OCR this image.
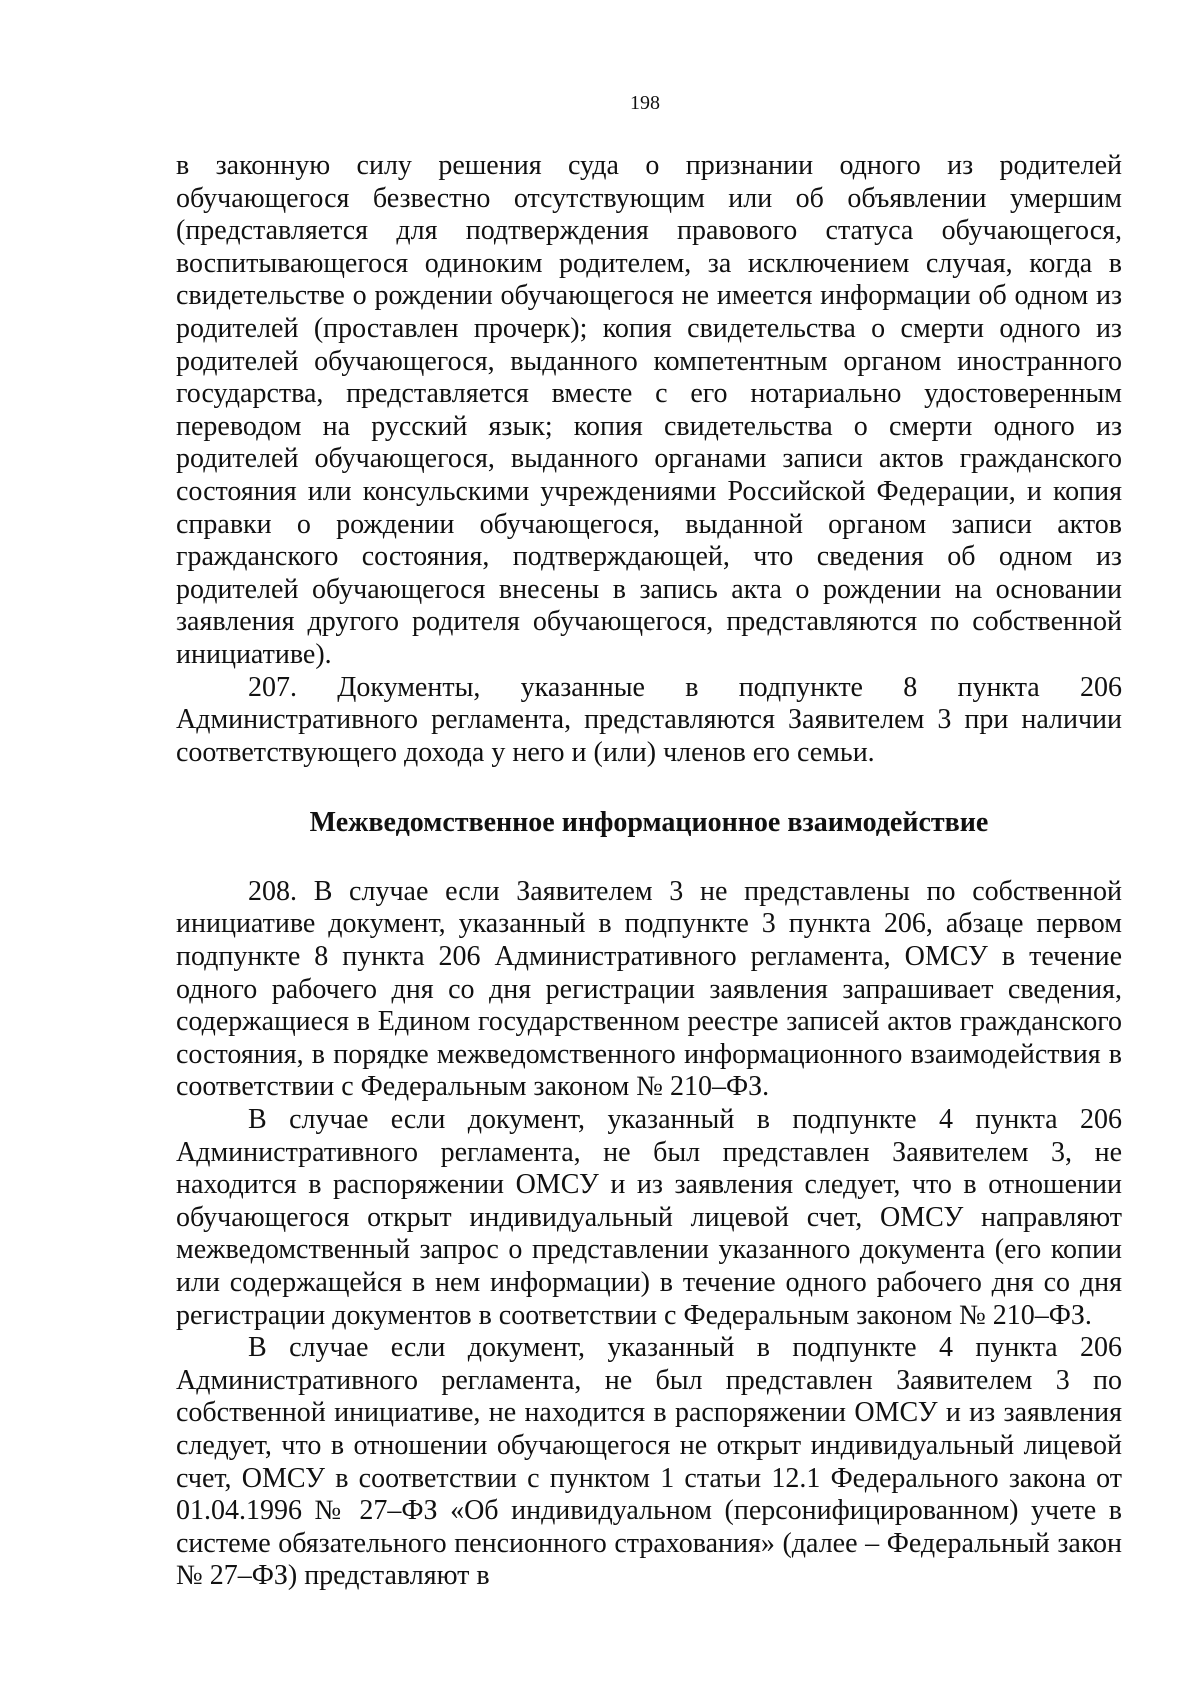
198

в законную силу решения суда о признании одного из родителей обучающегося безвестно отсутствующим или об объявлении умершим (представляется для подтверждения правового статуса обучающегося, воспитывающегося одиноким родителем, за исключением случая, когда в свидетельстве о рождении обучающегося не имеется информации об одном из родителей (проставлен прочерк); копия свидетельства о смерти одного из родителей обучающегося, выданного компетентным органом иностранного государства, представляется вместе с его нотариально удостоверенным переводом на русский язык; копия свидетельства о смерти одного из родителей обучающегося, выданного органами записи актов гражданского состояния или консульскими учреждениями Российской Федерации, и копия справки о рождении обучающегося, выданной органом записи актов гражданского состояния, подтверждающей, что сведения об одном из родителей обучающегося внесены в запись акта о рождении на основании заявления другого родителя обучающегося, представляются по собственной инициативе).

207. Документы, указанные в подпункте 8 пункта 206 Административного регламента, представляются Заявителем 3 при наличии соответствующего дохода у него и (или) членов его семьи.

Межведомственное информационное взаимодействие

208. В случае если Заявителем 3 не представлены по собственной инициативе документ, указанный в подпункте 3 пункта 206, абзаце первом подпункте 8 пункта 206 Административного регламента, ОМСУ в течение одного рабочего дня со дня регистрации заявления запрашивает сведения, содержащиеся в Едином государственном реестре записей актов гражданского состояния, в порядке межведомственного информационного взаимодействия в соответствии с Федеральным законом № 210–ФЗ.

В случае если документ, указанный в подпункте 4 пункта 206 Административного регламента, не был представлен Заявителем 3, не находится в распоряжении ОМСУ и из заявления следует, что в отношении обучающегося открыт индивидуальный лицевой счет, ОМСУ направляют межведомственный запрос о представлении указанного документа (его копии или содержащейся в нем информации) в течение одного рабочего дня со дня регистрации документов в соответствии с Федеральным законом № 210–ФЗ.

В случае если документ, указанный в подпункте 4 пункта 206 Административного регламента, не был представлен Заявителем 3 по собственной инициативе, не находится в распоряжении ОМСУ и из заявления следует, что в отношении обучающегося не открыт индивидуальный лицевой счет, ОМСУ в соответствии с пунктом 1 статьи 12.1 Федерального закона от 01.04.1996 № 27–ФЗ «Об индивидуальном (персонифицированном) учете в системе обязательного пенсионного страхования» (далее – Федеральный закон № 27–ФЗ) представляют в
